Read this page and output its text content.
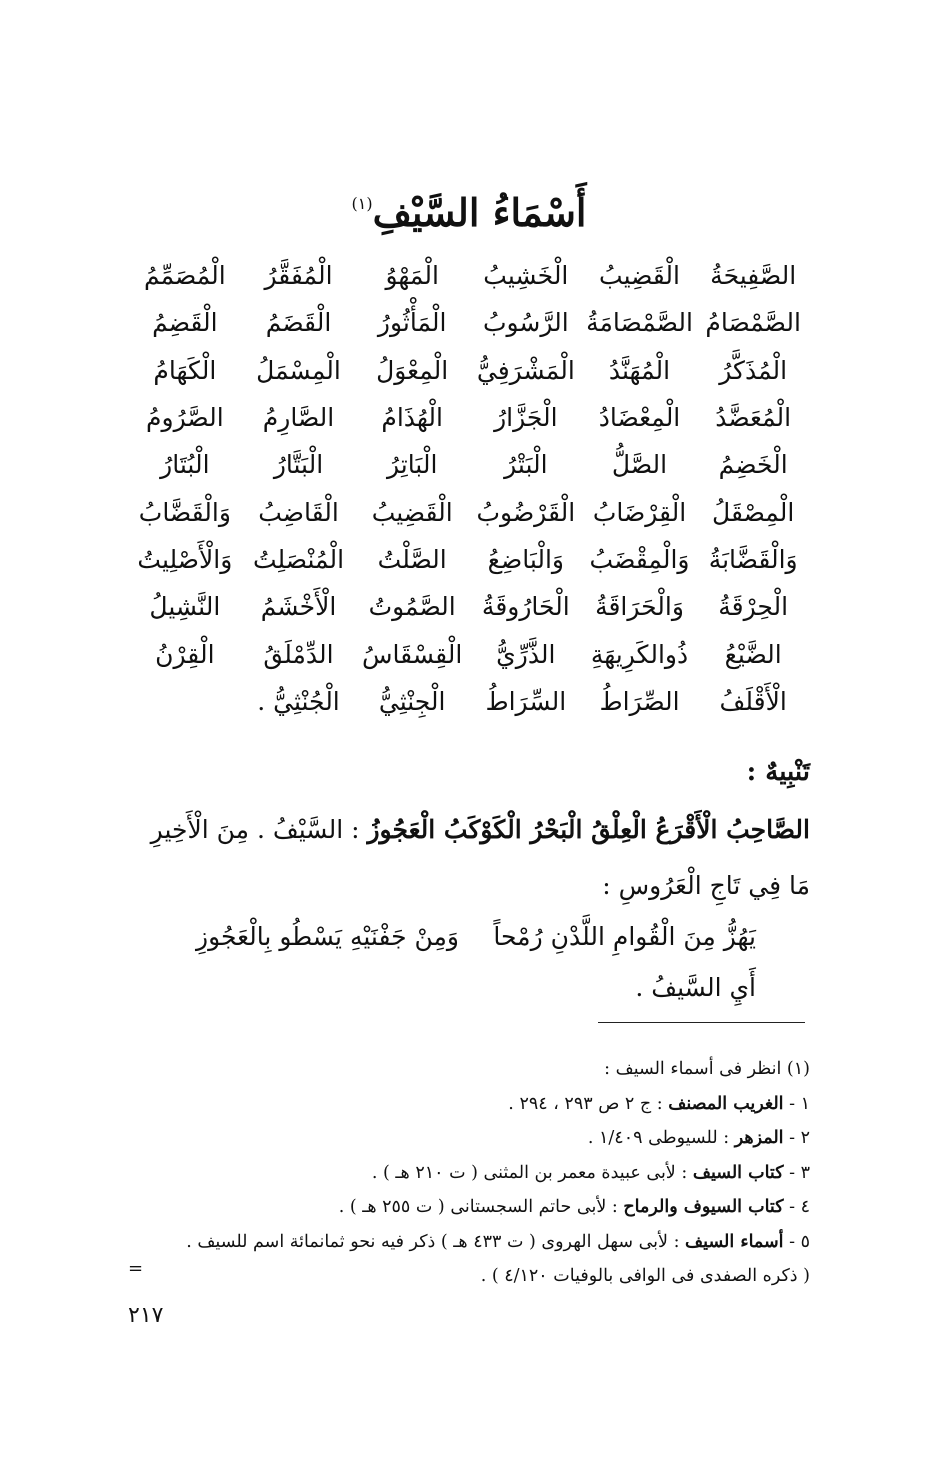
أَسْمَاءُ السَّيْفِ$^{(١)}$
الصَّفِيحَةُ
الْقَضِيبُ
الْخَشِيبُ
الْمَهْوُ
الْمُفَقَّرُ
الْمُصَمِّمُ
الصَّمْصَامُ
الصَّمْصَامَةُ
الرَّسُوبُ
الْمَأْثُورُ
الْقَضَمُ
الْقَضِمُ
الْمُذَكَّرُ
الْمُهَنَّدُ
الْمَشْرَفِيُّ
الْمِعْوَلُ
الْمِسْمَلُ
الْكَهَامُ
الْمُعَضَّدُ
الْمِعْضَادُ
الْجَزَّارُ
الْهُذَامُ
الصَّارِمُ
الصَّرُومُ
الْخَضِمُ
الصَّلُّ
الْبَتْرُ
الْبَاتِرُ
الْبَتَّارُ
الْبُتَارُ
الْمِصْقَلُ
الْقِرْضَابُ
الْقَرْضُوبُ
الْقَضِيبُ
الْقَاضِبُ
وَالْقَضَّابُ
وَالْقَضَّابَةُ
وَالْمِقْضَبُ
وَالْبَاضِعُ
الصَّلْتُ
الْمُنْصَلِتُ
وَالْأَصْلِيتُ
الْحِرْقَةُ
وَالْحَرَاقَةُ
الْحَارُوقَةُ
الصَّمُوتُ
الْأَخْشَمُ
النَّشِيلُ
الضَّيْعُ
ذُوالكَرِيهَةِ
الذَّرِّيُّ
الْقِسْقَاسُ
الدِّمْلَقُ
الْقِرْنُ
الْأَقْلَفُ
الصِّرَاطُ
السِّرَاطُ
الْجِنْثِيُّ
الْجُنْثِيُّ .
تَنْبِيهٌ :
الصَّاحِبُ الْأَقْرَعُ الْعِلْقُ الْبَحْرُ الْكَوْكَبُ الْعَجُوزُ : السَّيْفُ . مِنَ الْأَخِيرِ
مَا فِي تَاجِ الْعَرُوسِ :
يَهُزُّ مِنَ الْقُوامِ اللَّدْنِ رُمْحاً
وَمِنْ جَفْنَيْهِ يَسْطُو بِالْعَجُوزِ
أَيِ السَّيفُ .
(١) انظر فى أسماء السيف :
١ - الغريب المصنف : ج ٢ ص ٢٩٣ ، ٢٩٤ .
٢ - المزهر : للسيوطى ١/٤٠٩ .
٣ - كتاب السيف : لأبى عبيدة معمر بن المثنى ( ت ٢١٠ هـ ) .
٤ - كتاب السيوف والرماح : لأبى حاتم السجستانى ( ت ٢٥٥ هـ ) .
٥ - أسماء السيف : لأبى سهل الهروى ( ت ٤٣٣ هـ ) ذكر فيه نحو ثمانمائة اسم للسيف .
( ذكره الصفدى فى الوافى بالوفيات ٤/١٢٠ ) .
=
٢١٧
